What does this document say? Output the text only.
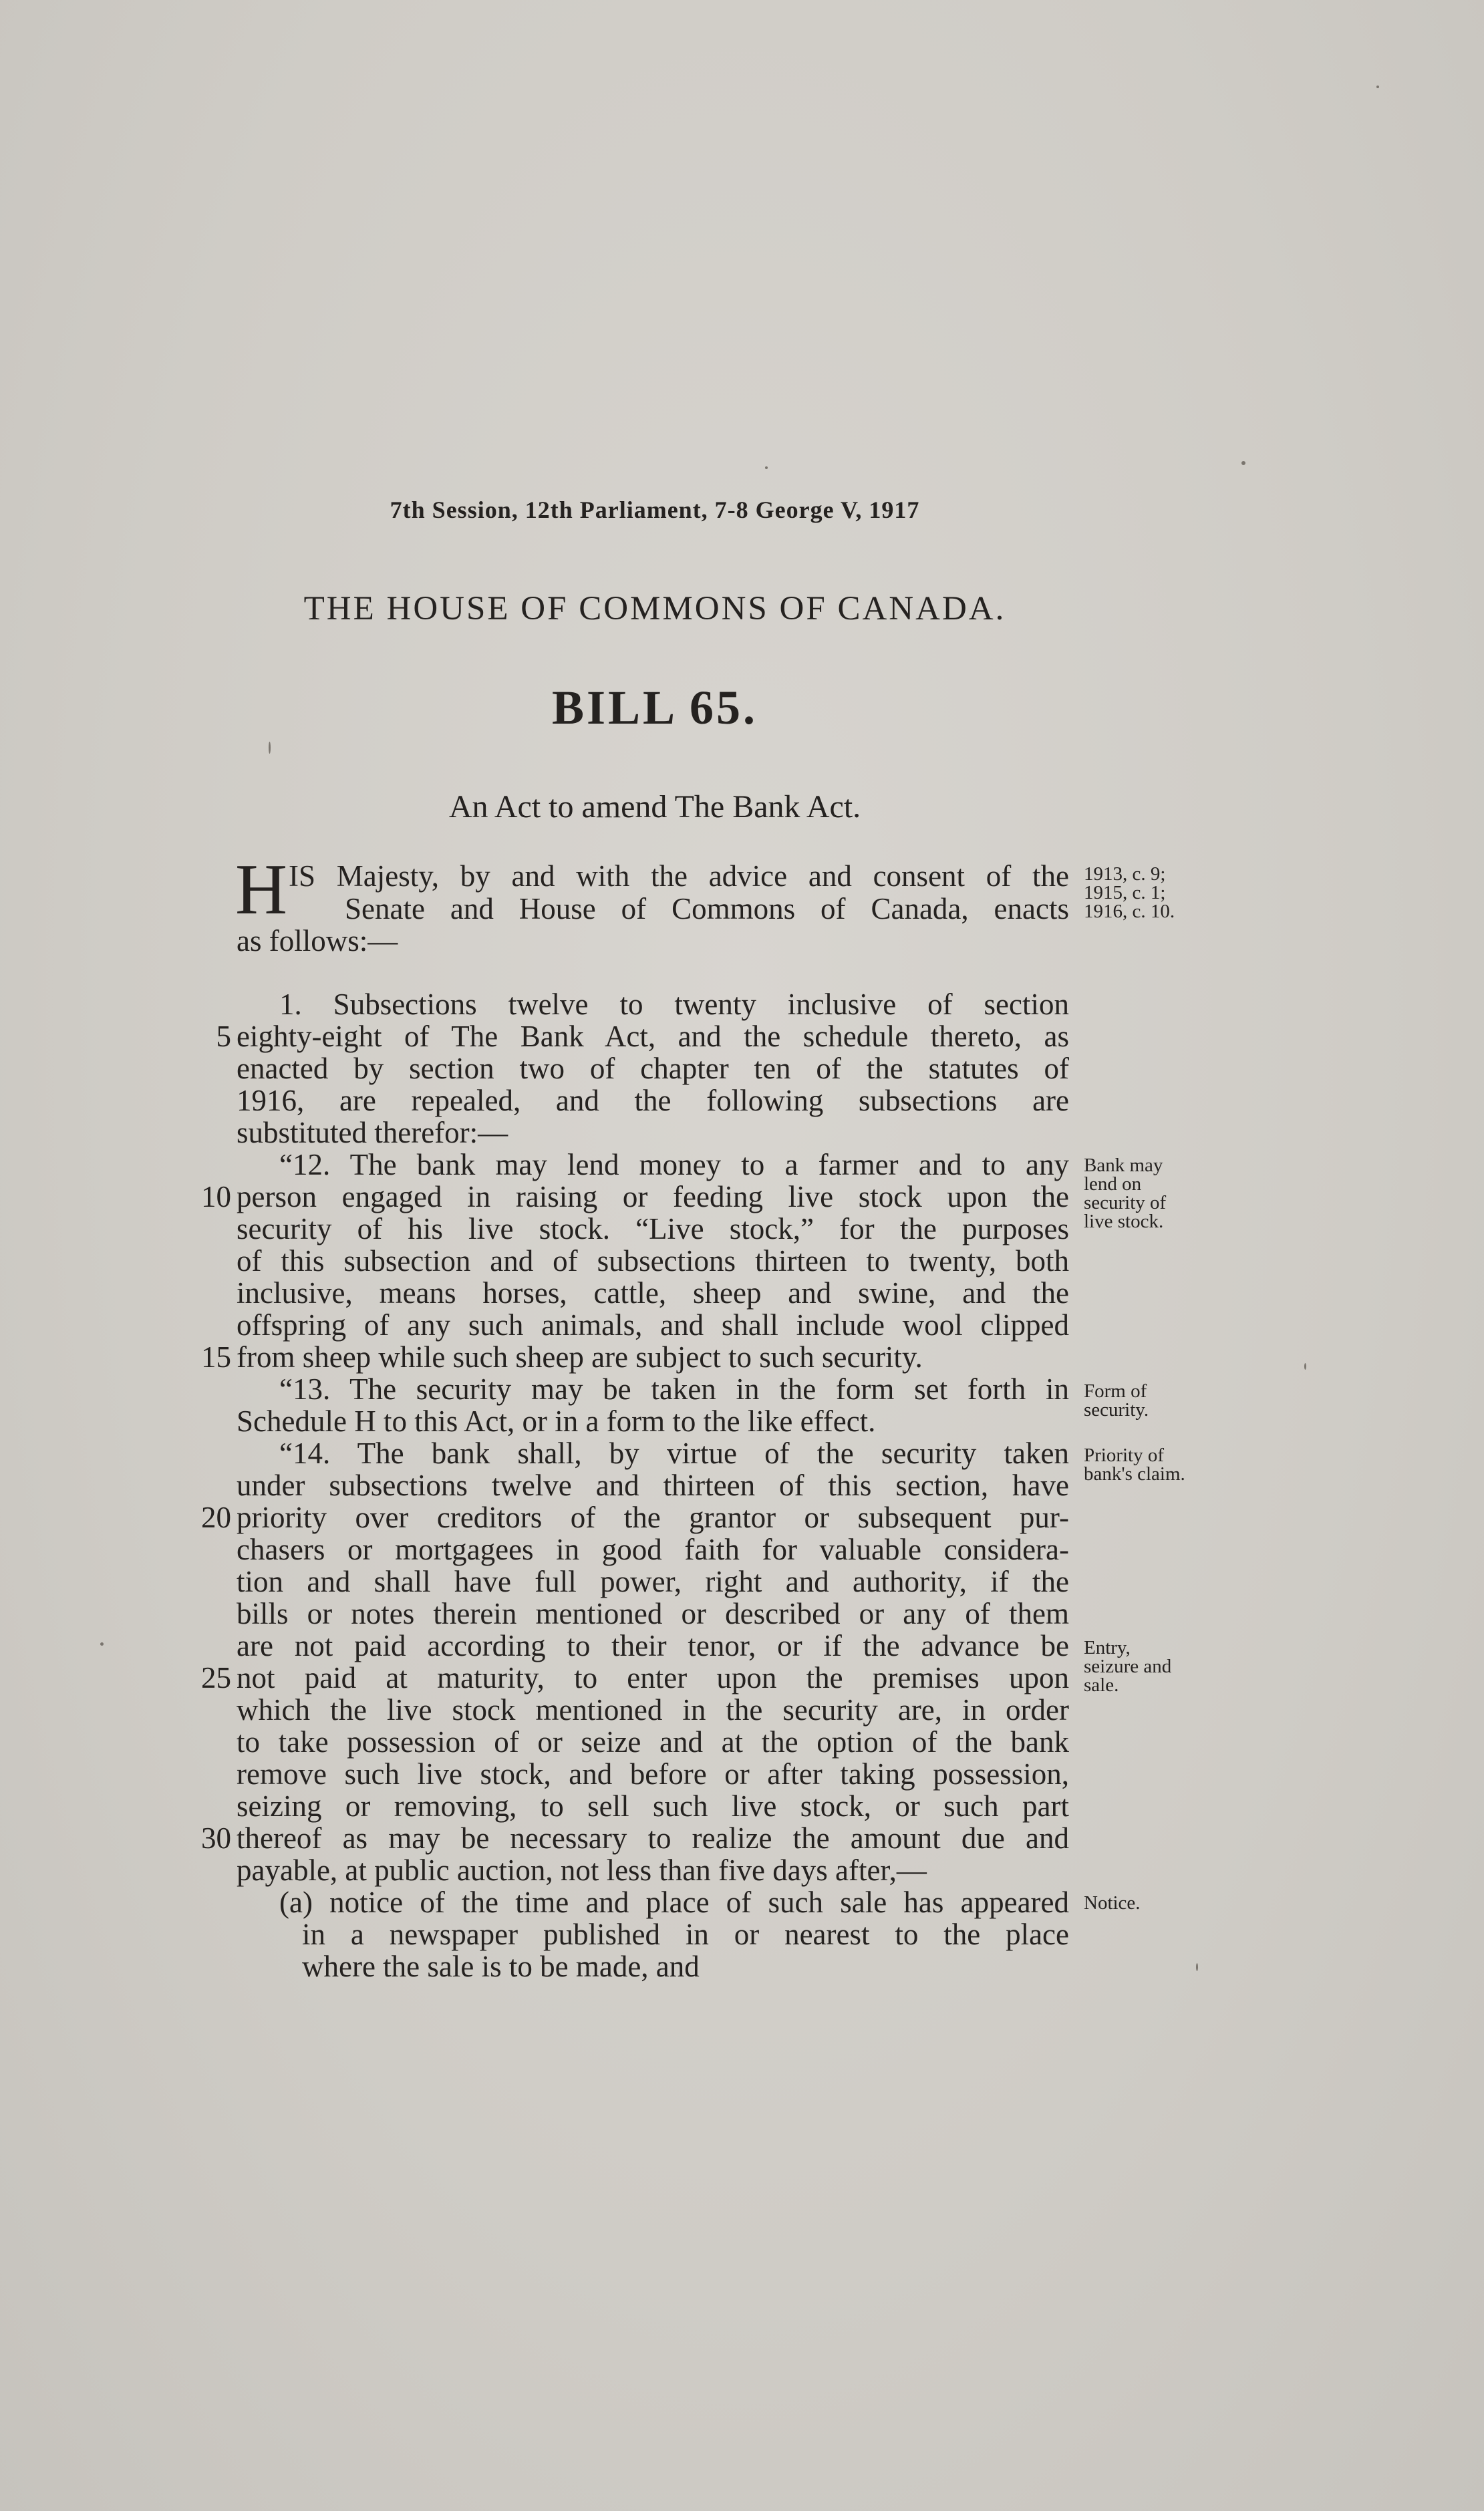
7th Session, 12th Parliament, 7-8 George V, 1917
THE HOUSE OF COMMONS OF CANADA.
BILL 65.
An Act to amend The Bank Act.
H IS Majesty, by and with the advice and consent of the
Senate and House of Commons of Canada, enacts
as follows:—
1. Subsections twelve to twenty inclusive of section
eighty-eight of The Bank Act, and the schedule thereto, as
enacted by section two of chapter ten of the statutes of
1916, are repealed, and the following subsections are
substituted therefor:—
“12. The bank may lend money to a farmer and to any
person engaged in raising or feeding live stock upon the
security of his live stock. “Live stock,” for the purposes
of this subsection and of subsections thirteen to twenty, both
inclusive, means horses, cattle, sheep and swine, and the
offspring of any such animals, and shall include wool clipped
from sheep while such sheep are subject to such security.
“13. The security may be taken in the form set forth in
Schedule H to this Act, or in a form to the like effect.
“14. The bank shall, by virtue of the security taken
under subsections twelve and thirteen of this section, have
priority over creditors of the grantor or subsequent pur-
chasers or mortgagees in good faith for valuable considera-
tion and shall have full power, right and authority, if the
bills or notes therein mentioned or described or any of them
are not paid according to their tenor, or if the advance be
not paid at maturity, to enter upon the premises upon
which the live stock mentioned in the security are, in order
to take possession of or seize and at the option of the bank
remove such live stock, and before or after taking possession,
seizing or removing, to sell such live stock, or such part
thereof as may be necessary to realize the amount due and
payable, at public auction, not less than five days after,—
(a) notice of the time and place of such sale has appeared
in a newspaper published in or nearest to the place
where the sale is to be made, and
5
10
15
20
25
30
1913, c. 9;
1915, c. 1;
1916, c. 10.
Bank may
lend on
security of
live stock.
Form of
security.
Priority of
bank's claim.
Entry,
seizure and
sale.
Notice.
